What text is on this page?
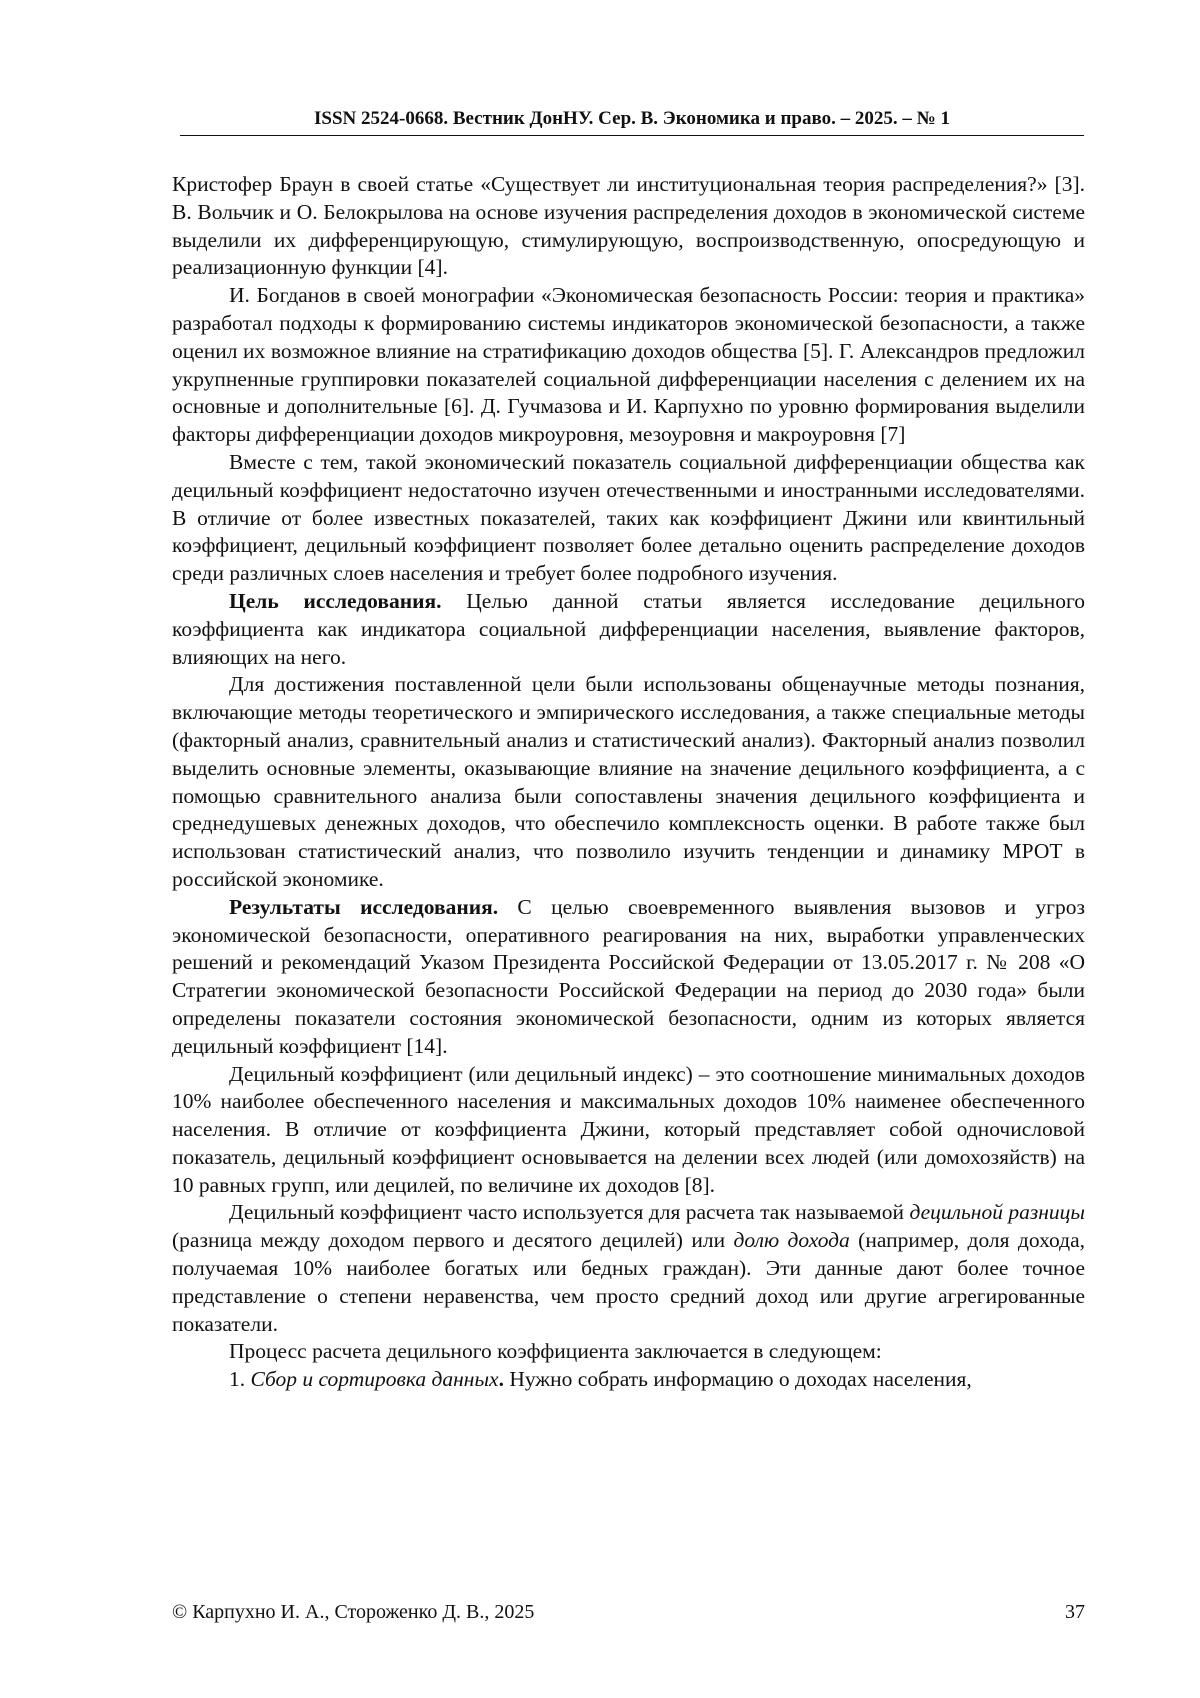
ISSN 2524-0668. Вестник ДонНУ. Сер. В. Экономика и право. – 2025. – № 1

Кристофер Браун в своей статье «Существует ли институциональная теория распределения?» [3]. В. Вольчик и О. Белокрылова на основе изучения распределения доходов в экономической системе выделили их дифференцирующую, стимулирующую, воспроизводственную, опосредующую и реализационную функции [4].

И. Богданов в своей монографии «Экономическая безопасность России: теория и практика» разработал подходы к формированию системы индикаторов экономической безопасности, а также оценил их возможное влияние на стратификацию доходов общества [5]. Г. Александров предложил укрупненные группировки показателей социальной дифференциации населения с делением их на основные и дополнительные [6]. Д. Гучмазова и И. Карпухно по уровню формирования выделили факторы дифференциации доходов микроуровня, мезоуровня и макроуровня [7]

Вместе с тем, такой экономический показатель социальной дифференциации общества как децильный коэффициент недостаточно изучен отечественными и иностранными исследователями. В отличие от более известных показателей, таких как коэффициент Джини или квинтильный коэффициент, децильный коэффициент позволяет более детально оценить распределение доходов среди различных слоев населения и требует более подробного изучения.

Цель исследования. Целью данной статьи является исследование децильного коэффициента как индикатора социальной дифференциации населения, выявление факторов, влияющих на него.

Для достижения поставленной цели были использованы общенаучные методы познания, включающие методы теоретического и эмпирического исследования, а также специальные методы (факторный анализ, сравнительный анализ и статистический анализ). Факторный анализ позволил выделить основные элементы, оказывающие влияние на значение децильного коэффициента, а с помощью сравнительного анализа были сопоставлены значения децильного коэффициента и среднедушевых денежных доходов, что обеспечило комплексность оценки. В работе также был использован статистический анализ, что позволило изучить тенденции и динамику МРОТ в российской экономике.

Результаты исследования. С целью своевременного выявления вызовов и угроз экономической безопасности, оперативного реагирования на них, выработки управленческих решений и рекомендаций Указом Президента Российской Федерации от 13.05.2017 г. № 208 «О Стратегии экономической безопасности Российской Федерации на период до 2030 года» были определены показатели состояния экономической безопасности, одним из которых является децильный коэффициент [14].

Децильный коэффициент (или децильный индекс) – это соотношение минимальных доходов 10% наиболее обеспеченного населения и максимальных доходов 10% наименее обеспеченного населения. В отличие от коэффициента Джини, который представляет собой одночисловой показатель, децильный коэффициент основывается на делении всех людей (или домохозяйств) на 10 равных групп, или децилей, по величине их доходов [8].

Децильный коэффициент часто используется для расчета так называемой децильной разницы (разница между доходом первого и десятого децилей) или долю дохода (например, доля дохода, получаемая 10% наиболее богатых или бедных граждан). Эти данные дают более точное представление о степени неравенства, чем просто средний доход или другие агрегированные показатели.

Процесс расчета децильного коэффициента заключается в следующем:

1. Сбор и сортировка данных. Нужно собрать информацию о доходах населения,

© Карпухно И. А., Стороженко Д. В., 2025	37
